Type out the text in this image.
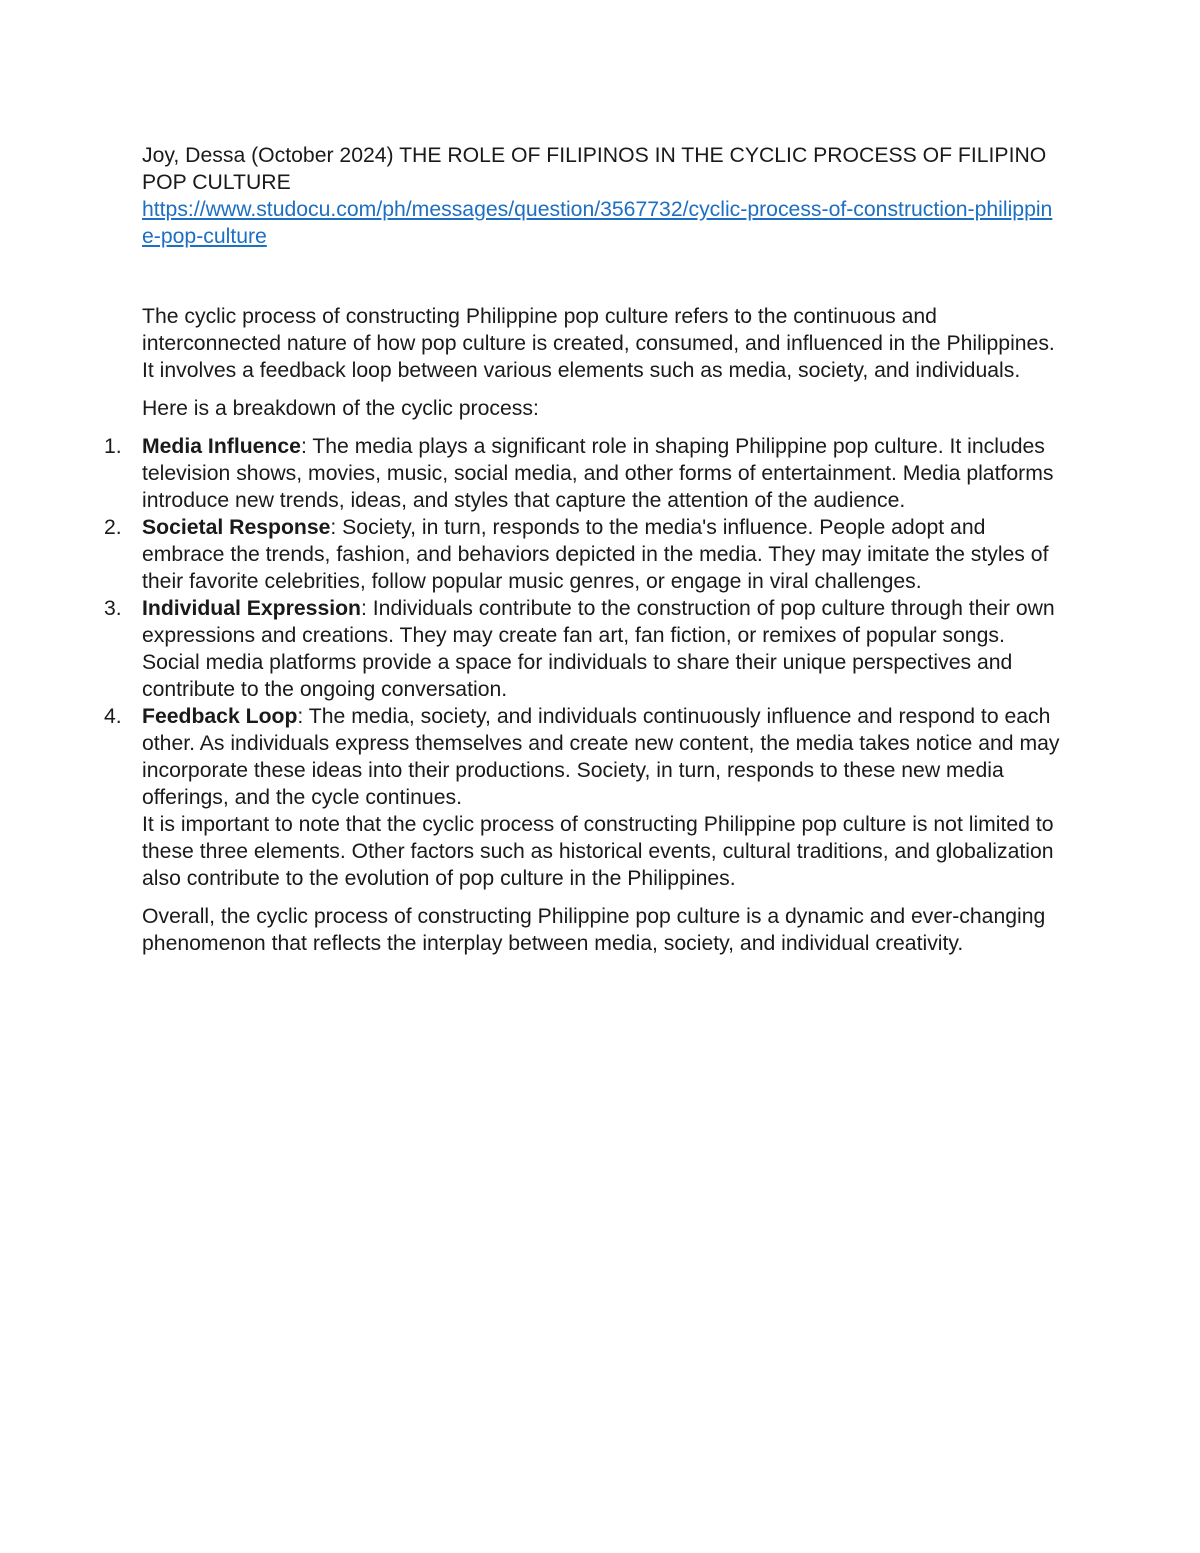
Joy, Dessa (October 2024) THE ROLE OF FILIPINOS IN THE CYCLIC PROCESS OF FILIPINO POP CULTURE
https://www.studocu.com/ph/messages/question/3567732/cyclic-process-of-construction-philippine-pop-culture

The cyclic process of constructing Philippine pop culture refers to the continuous and interconnected nature of how pop culture is created, consumed, and influenced in the Philippines. It involves a feedback loop between various elements such as media, society, and individuals.

Here is a breakdown of the cyclic process:

1. Media Influence: The media plays a significant role in shaping Philippine pop culture. It includes television shows, movies, music, social media, and other forms of entertainment. Media platforms introduce new trends, ideas, and styles that capture the attention of the audience.
2. Societal Response: Society, in turn, responds to the media's influence. People adopt and embrace the trends, fashion, and behaviors depicted in the media. They may imitate the styles of their favorite celebrities, follow popular music genres, or engage in viral challenges.
3. Individual Expression: Individuals contribute to the construction of pop culture through their own expressions and creations. They may create fan art, fan fiction, or remixes of popular songs. Social media platforms provide a space for individuals to share their unique perspectives and contribute to the ongoing conversation.
4. Feedback Loop: The media, society, and individuals continuously influence and respond to each other. As individuals express themselves and create new content, the media takes notice and may incorporate these ideas into their productions. Society, in turn, responds to these new media offerings, and the cycle continues.

It is important to note that the cyclic process of constructing Philippine pop culture is not limited to these three elements. Other factors such as historical events, cultural traditions, and globalization also contribute to the evolution of pop culture in the Philippines.

Overall, the cyclic process of constructing Philippine pop culture is a dynamic and ever-changing phenomenon that reflects the interplay between media, society, and individual creativity.
